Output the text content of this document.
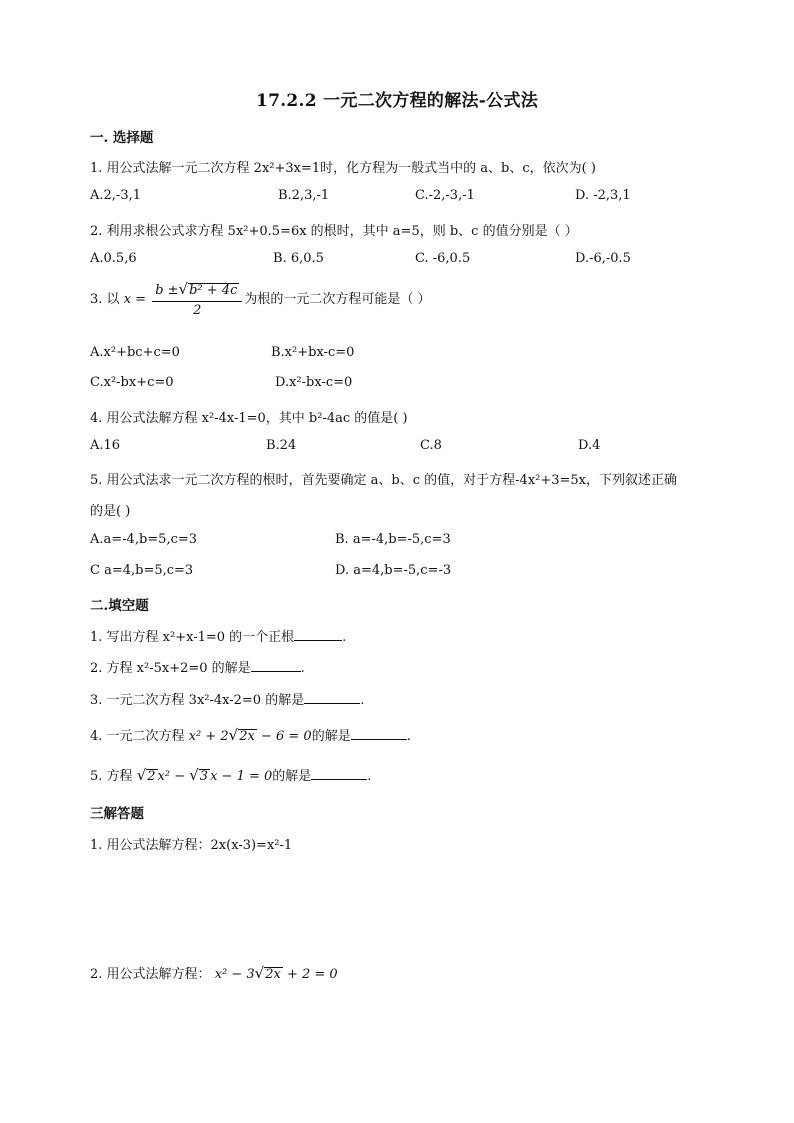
17.2.2 一元二次方程的解法-公式法
一. 选择题
1. 用公式法解一元二次方程 2x²+3x=1时，化方程为一般式当中的 a、b、c，依次为( )
A.2,-3,1	B.2,3,-1	C.-2,-3,-1	D. -2,3,1
2. 利用求根公式求方程 5x²+0.5=6x 的根时，其中 a=5，则 b、c 的值分别是（ ）
A.0.5,6	B. 6,0.5	C. -6,0.5	D.-6,-0.5
3. 以 $x = \frac{\text{b ±√b² + 4c}}{2}$ 为根的一元二次方程可能是（ ）
A.x²+bc+c=0	B.x²+bx-c=0
C.x²-bx+c=0	D.x²-bx-c=0
4. 用公式法解方程 x²-4x-1=0，其中 b²-4ac 的值是( )
A.16	B.24	C.8	D.4
5. 用公式法求一元二次方程的根时，首先要确定 a、b、c 的值，对于方程-4x²+3=5x，下列叙述正确
的是( )
A.a=-4,b=5,c=3	B. a=-4,b=-5,c=3
C a=4,b=5,c=3	D. a=4,b=-5,c=-3
二.填空题
1. 写出方程 x²+x-1=0 的一个正根	.
2. 方程 x²-5x+2=0 的解是	.
3. 一元二次方程 3x²-4x-2=0 的解是	.
4. 一元二次方程 x² + 2√2x − 6 = 0的解是	.
5. 方程 √2 x² − √3 x − 1 = 0的解是	.
三解答题
1. 用公式法解方程：2x(x-3)=x²-1
2. 用公式法解方程： x² − 3√2x + 2 = 0
